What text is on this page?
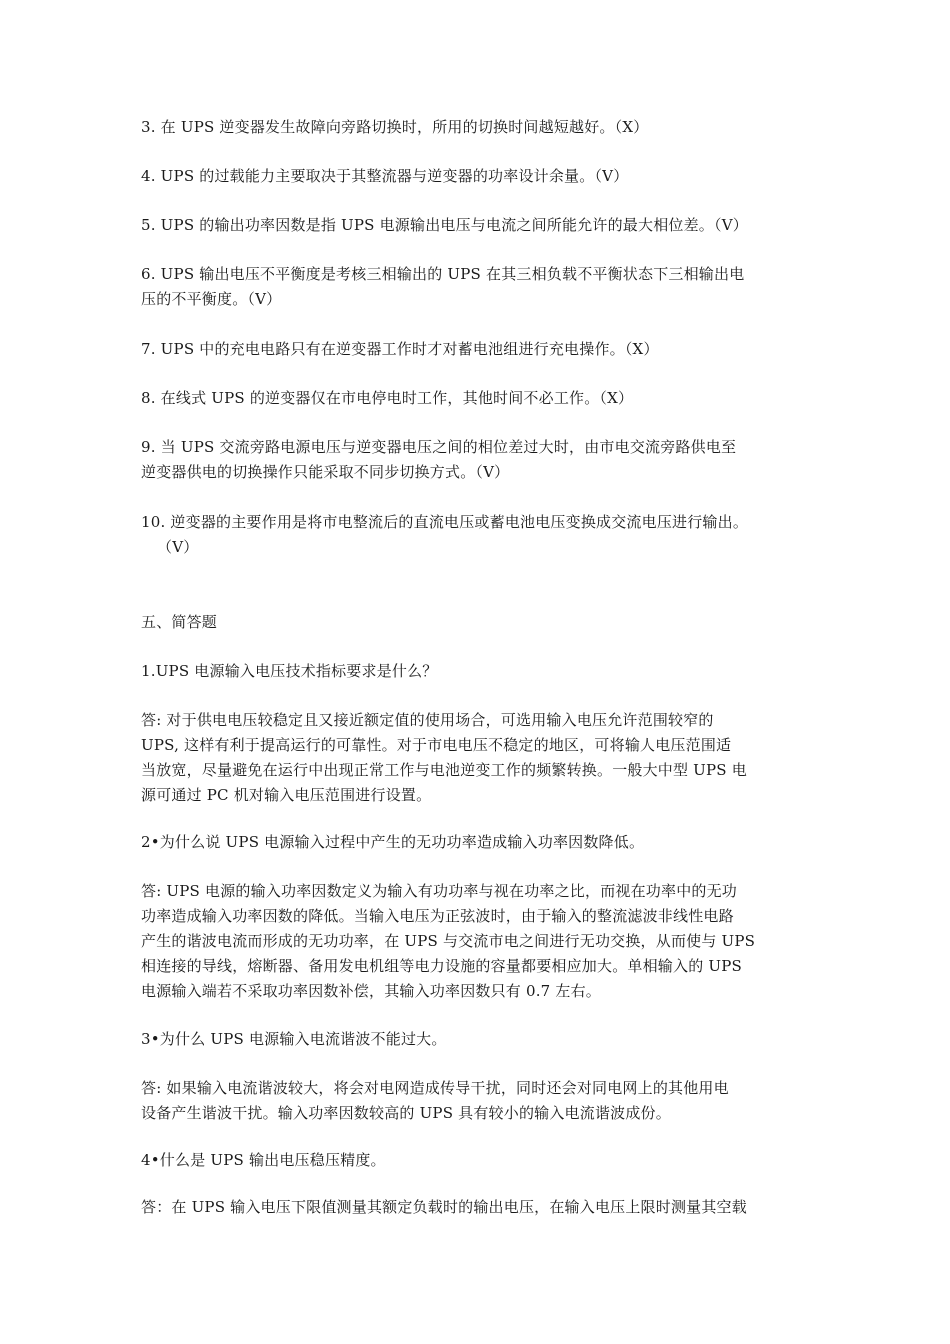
3. 在 UPS 逆变器发生故障向旁路切换时，所用的切换时间越短越好。（X）
4. UPS 的过载能力主要取决于其整流器与逆变器的功率设计余量。（V）
5. UPS 的输出功率因数是指 UPS 电源输出电压与电流之间所能允许的最大相位差。（V）
6. UPS 输出电压不平衡度是考核三相输出的 UPS 在其三相负载不平衡状态下三相输出电
压的不平衡度。（V）
7. UPS 中的充电电路只有在逆变器工作时才对蓄电池组进行充电操作。（X）
8. 在线式 UPS 的逆变器仅在市电停电时工作，其他时间不必工作。（X）
9. 当 UPS 交流旁路电源电压与逆变器电压之间的相位差过大时，由市电交流旁路供电至
逆变器供电的切换操作只能采取不同步切换方式。（V）
10. 逆变器的主要作用是将市电整流后的直流电压或蓄电池电压变换成交流电压进行输出。
（V）
五、简答题
1.UPS 电源输入电压技术指标要求是什么？
答: 对于供电电压较稳定且又接近额定值的使用场合，可选用输入电压允许范围较窄的
UPS, 这样有利于提高运行的可靠性。对于市电电压不稳定的地区，可将输人电压范围适
当放宽，尽量避免在运行中出现正常工作与电池逆变工作的频繁转换。一般大中型 UPS 电
源可通过 PC 机对输入电压范围进行设置。
2•为什么说 UPS 电源输入过程中产生的无功功率造成输入功率因数降低。
答: UPS 电源的输入功率因数定义为输入有功功率与视在功率之比，而视在功率中的无功
功率造成输入功率因数的降低。当输入电压为正弦波时，由于输入的整流滤波非线性电路
产生的谐波电流而形成的无功功率，在 UPS 与交流市电之间进行无功交换，从而使与 UPS
相连接的导线，熔断器、备用发电机组等电力设施的容量都要相应加大。单相输入的 UPS
电源输入端若不采取功率因数补偿，其输入功率因数只有 0.7 左右。
3•为什么 UPS 电源输入电流谐波不能过大。
答: 如果输入电流谐波较大，将会对电网造成传导干扰，同时还会对同电网上的其他用电
设备产生谐波干扰。输入功率因数较高的 UPS 具有较小的输入电流谐波成份。
4•什么是 UPS 输出电压稳压精度。
答：在 UPS 输入电压下限值测量其额定负载时的输出电压，在输入电压上限时测量其空载
